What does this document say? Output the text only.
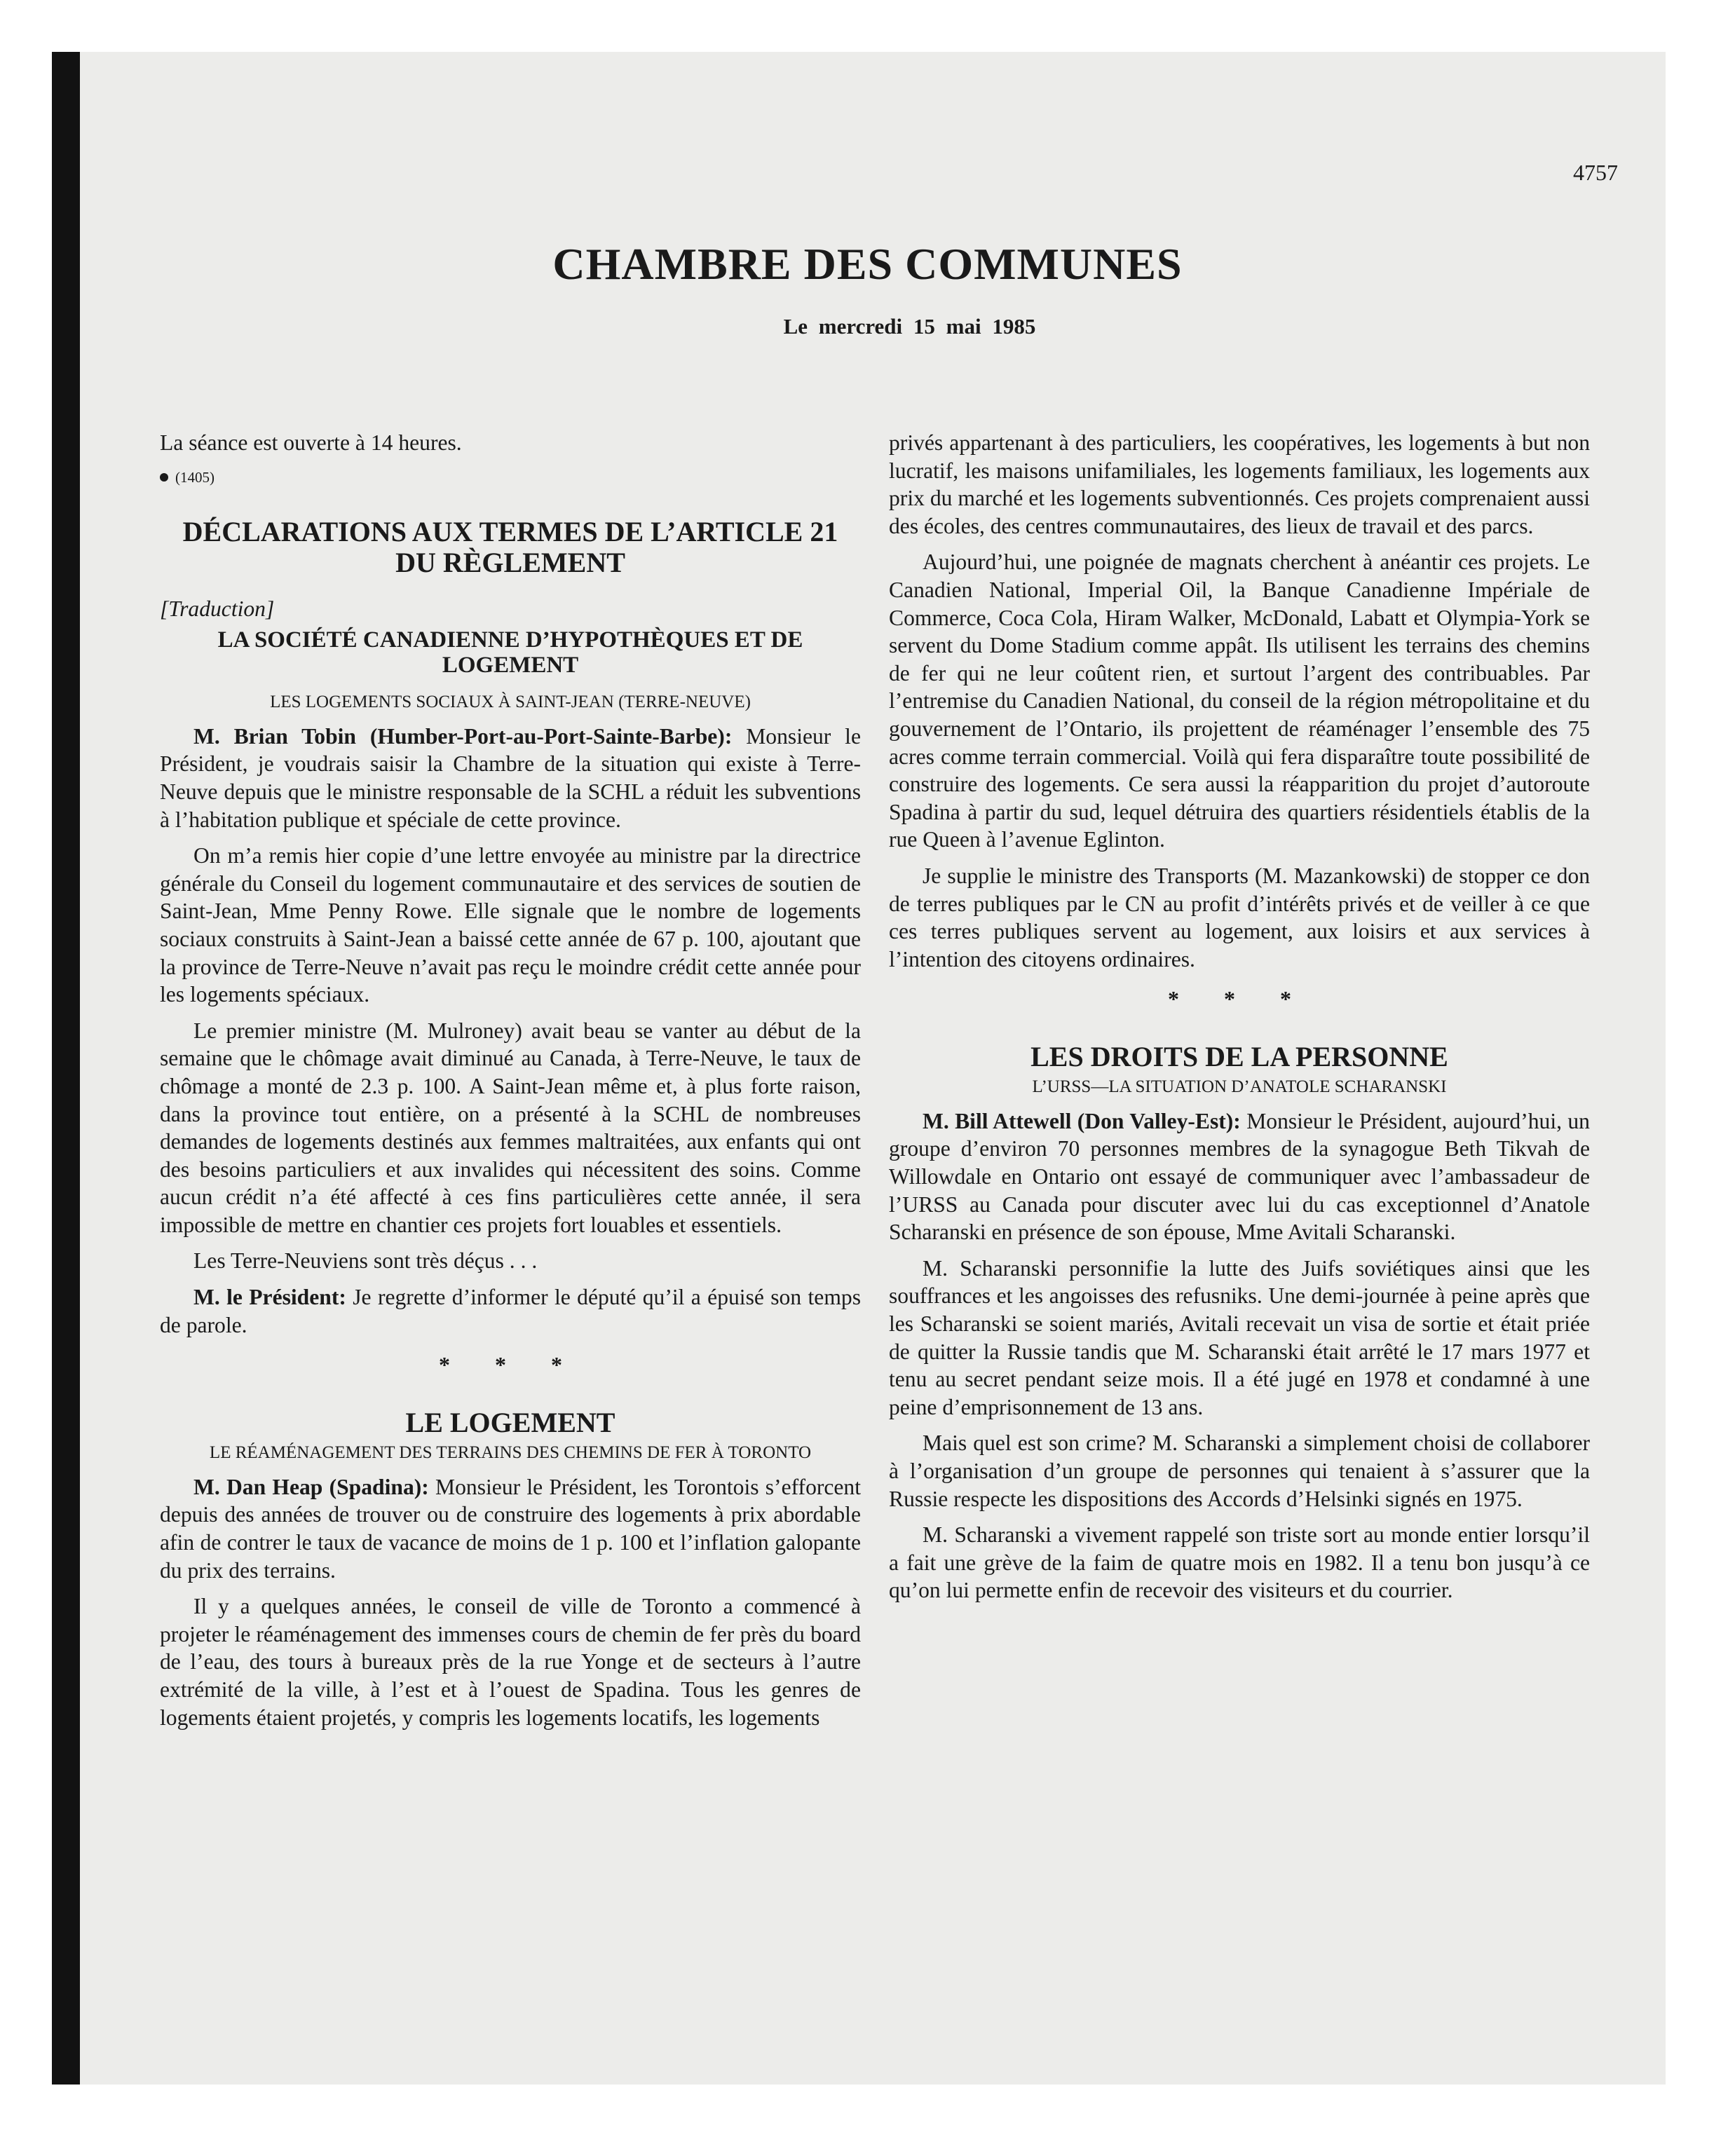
4757
CHAMBRE DES COMMUNES
Le mercredi 15 mai 1985

La séance est ouverte à 14 heures.

(1405)
DÉCLARATIONS AUX TERMES DE L’ARTICLE 21 DU RÈGLEMENT
[Traduction]
LA SOCIÉTÉ CANADIENNE D’HYPOTHÈQUES ET DE LOGEMENT
LES LOGEMENTS SOCIAUX À SAINT-JEAN (TERRE-NEUVE)

M. Brian Tobin (Humber-Port-au-Port-Sainte-Barbe): Monsieur le Président, je voudrais saisir la Chambre de la situation qui existe à Terre-Neuve depuis que le ministre responsable de la SCHL a réduit les subventions à l’habitation publique et spéciale de cette province.

On m’a remis hier copie d’une lettre envoyée au ministre par la directrice générale du Conseil du logement communautaire et des services de soutien de Saint-Jean, Mme Penny Rowe. Elle signale que le nombre de logements sociaux construits à Saint-Jean a baissé cette année de 67 p. 100, ajoutant que la province de Terre-Neuve n’avait pas reçu le moindre crédit cette année pour les logements spéciaux.

Le premier ministre (M. Mulroney) avait beau se vanter au début de la semaine que le chômage avait diminué au Canada, à Terre-Neuve, le taux de chômage a monté de 2.3 p. 100. A Saint-Jean même et, à plus forte raison, dans la province tout entière, on a présenté à la SCHL de nombreuses demandes de logements destinés aux femmes maltraitées, aux enfants qui ont des besoins particuliers et aux invalides qui nécessitent des soins. Comme aucun crédit n’a été affecté à ces fins particulières cette année, il sera impossible de mettre en chantier ces projets fort louables et essentiels.

Les Terre-Neuviens sont très déçus . . .

M. le Président: Je regrette d’informer le député qu’il a épuisé son temps de parole.

* * *
LE LOGEMENT
LE RÉAMÉNAGEMENT DES TERRAINS DES CHEMINS DE FER À TORONTO

M. Dan Heap (Spadina): Monsieur le Président, les Torontois s’efforcent depuis des années de trouver ou de construire des logements à prix abordable afin de contrer le taux de vacance de moins de 1 p. 100 et l’inflation galopante du prix des terrains.

Il y a quelques années, le conseil de ville de Toronto a commencé à projeter le réaménagement des immenses cours de chemin de fer près du board de l’eau, des tours à bureaux près de la rue Yonge et de secteurs à l’autre extrémité de la ville, à l’est et à l’ouest de Spadina. Tous les genres de logements étaient projetés, y compris les logements locatifs, les logements

privés appartenant à des particuliers, les coopératives, les logements à but non lucratif, les maisons unifamiliales, les logements familiaux, les logements aux prix du marché et les logements subventionnés. Ces projets comprenaient aussi des écoles, des centres communautaires, des lieux de travail et des parcs.

Aujourd’hui, une poignée de magnats cherchent à anéantir ces projets. Le Canadien National, Imperial Oil, la Banque Canadienne Impériale de Commerce, Coca Cola, Hiram Walker, McDonald, Labatt et Olympia-York se servent du Dome Stadium comme appât. Ils utilisent les terrains des chemins de fer qui ne leur coûtent rien, et surtout l’argent des contribuables. Par l’entremise du Canadien National, du conseil de la région métropolitaine et du gouvernement de l’Ontario, ils projettent de réaménager l’ensemble des 75 acres comme terrain commercial. Voilà qui fera disparaître toute possibilité de construire des logements. Ce sera aussi la réapparition du projet d’autoroute Spadina à partir du sud, lequel détruira des quartiers résidentiels établis de la rue Queen à l’avenue Eglinton.

Je supplie le ministre des Transports (M. Mazankowski) de stopper ce don de terres publiques par le CN au profit d’intérêts privés et de veiller à ce que ces terres publiques servent au logement, aux loisirs et aux services à l’intention des citoyens ordinaires.

* * *
LES DROITS DE LA PERSONNE
L’URSS—LA SITUATION D’ANATOLE SCHARANSKI

M. Bill Attewell (Don Valley-Est): Monsieur le Président, aujourd’hui, un groupe d’environ 70 personnes membres de la synagogue Beth Tikvah de Willowdale en Ontario ont essayé de communiquer avec l’ambassadeur de l’URSS au Canada pour discuter avec lui du cas exceptionnel d’Anatole Scharanski en présence de son épouse, Mme Avitali Scharanski.

M. Scharanski personnifie la lutte des Juifs soviétiques ainsi que les souffrances et les angoisses des refusniks. Une demi-journée à peine après que les Scharanski se soient mariés, Avitali recevait un visa de sortie et était priée de quitter la Russie tandis que M. Scharanski était arrêté le 17 mars 1977 et tenu au secret pendant seize mois. Il a été jugé en 1978 et condamné à une peine d’emprisonnement de 13 ans.

Mais quel est son crime? M. Scharanski a simplement choisi de collaborer à l’organisation d’un groupe de personnes qui tenaient à s’assurer que la Russie respecte les dispositions des Accords d’Helsinki signés en 1975.

M. Scharanski a vivement rappelé son triste sort au monde entier lorsqu’il a fait une grève de la faim de quatre mois en 1982. Il a tenu bon jusqu’à ce qu’on lui permette enfin de recevoir des visiteurs et du courrier.
